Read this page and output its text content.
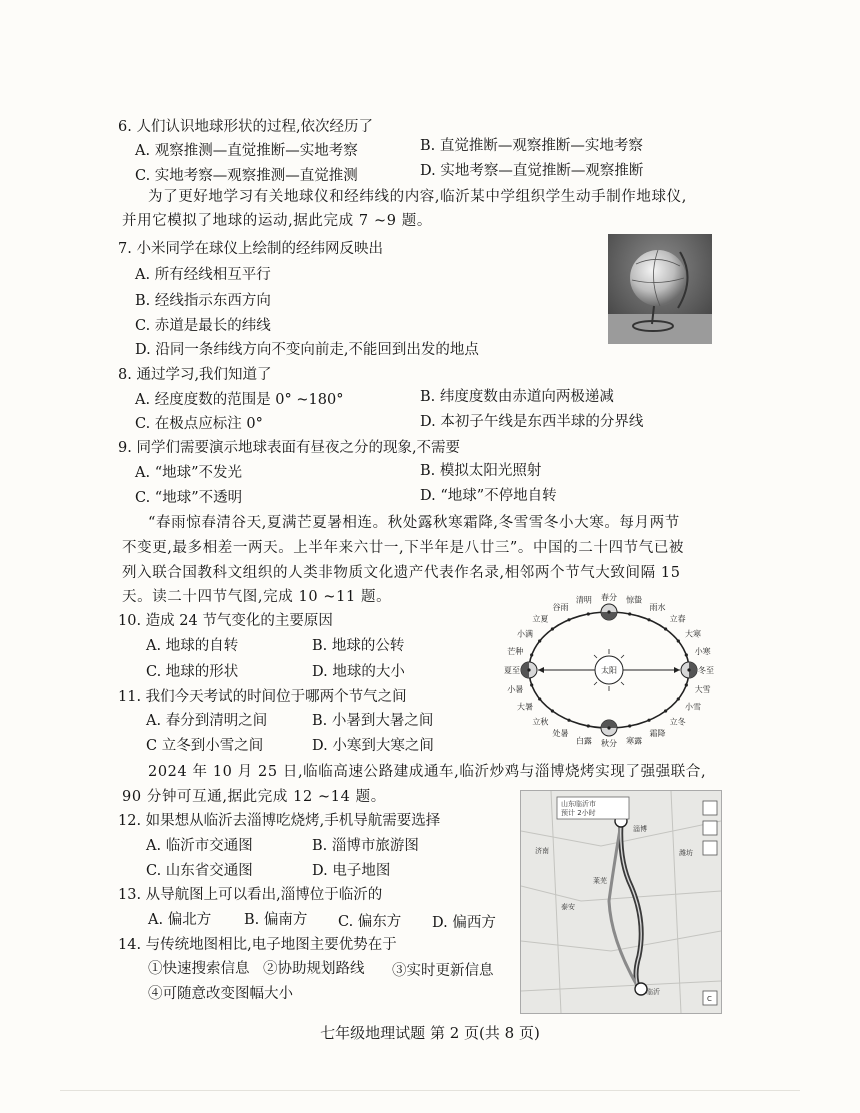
6. 人们认识地球形状的过程,依次经历了
A. 观察推测—直觉推断—实地考察	B. 直觉推断—观察推断—实地考察
C. 实地考察—观察推测—直觉推测	D. 实地考察—直觉推断—观察推断
为了更好地学习有关地球仪和经纬线的内容,临沂某中学组织学生动手制作地球仪,
并用它模拟了地球的运动,据此完成 7 ~9 题。
7. 小米同学在球仪上绘制的经纬网反映出
A. 所有经线相互平行
B. 经线指示东西方向
C. 赤道是最长的纬线
D. 沿同一条纬线方向不变向前走,不能回到出发的地点
8. 通过学习,我们知道了
A. 经度度数的范围是 0° ~180°	B. 纬度度数由赤道向两极递减
C. 在极点应标注 0°	D. 本初子午线是东西半球的分界线
9. 同学们需要演示地球表面有昼夜之分的现象,不需要
A. “地球”不发光	B. 模拟太阳光照射
C. “地球”不透明	D. “地球”不停地自转
“春雨惊春清谷天,夏满芒夏暑相连。秋处露秋寒霜降,冬雪雪冬小大寒。每月两节
不变更,最多相差一两天。上半年来六廿一,下半年是八廿三”。中国的二十四节气已被
列入联合国教科文组织的人类非物质文化遗产代表作名录,相邻两个节气大致间隔 15
天。读二十四节气图,完成 10 ~11 题。
10. 造成 24 节气变化的主要原因
A. 地球的自转	B. 地球的公转
C. 地球的形状	D. 地球的大小
11. 我们今天考试的时间位于哪两个节气之间
A. 春分到清明之间	B. 小暑到大暑之间
C 立冬到小雪之间	D. 小寒到大寒之间
太阳
春分
清明
谷雨
立夏
小满
芒种
夏至
小暑
大暑
立秋
处暑
白露 秋分 寒露
霜降
立冬
小雪
大雪
冬至
小寒
大寒
立春
雨水
惊蛰
2024 年 10 月 25 日,临临高速公路建成通车,临沂炒鸡与淄博烧烤实现了强强联合,
90 分钟可互通,据此完成 12 ~14 题。
12. 如果想从临沂去淄博吃烧烤,手机导航需要选择
A. 临沂市交通图	B. 淄博市旅游图
C. 山东省交通图	D. 电子地图
13. 从导航图上可以看出,淄博位于临沂的
A. 偏北方 B. 偏南方 C. 偏东方 D. 偏西方
14. 与传统地图相比,电子地图主要优势在于
①快速搜索信息 ②协助规划路线 ③实时更新信息
④可随意改变图幅大小
山东临沂市
预计 2小时
临沂
淄博
济南
泰安
潍坊
莱芜
C
七年级地理试题 第 2 页(共 8 页)
